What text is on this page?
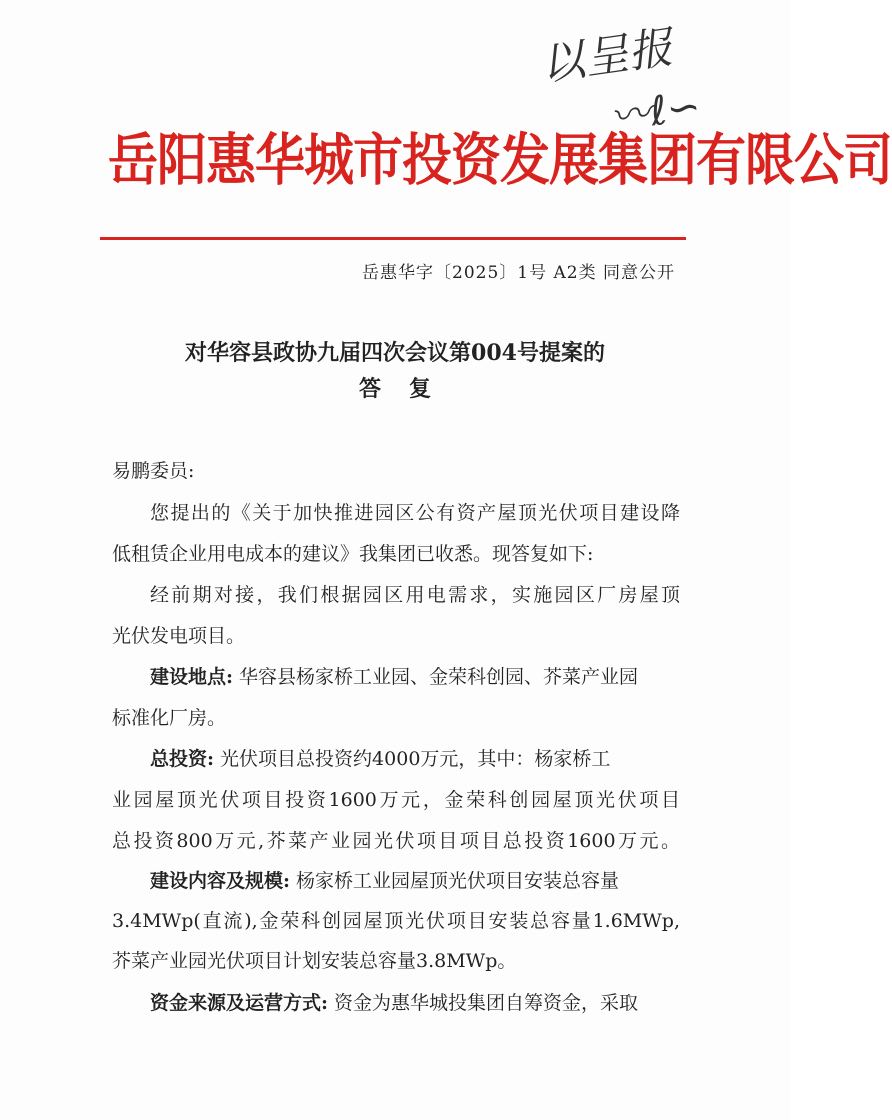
以呈报
〰ℓ∽
岳阳惠华城市投资发展集团有限公司
岳惠华字〔2025〕1号 A2类 同意公开
对华容县政协九届四次会议第004号提案的
答复
易鹏委员:
您提出的《关于加快推进园区公有资产屋顶光伏项目建设降
低租赁企业用电成本的建议》我集团已收悉。现答复如下:
经前期对接，我们根据园区用电需求，实施园区厂房屋顶
光伏发电项目。
建设地点: 华容县杨家桥工业园、金荣科创园、芥菜产业园
标准化厂房。
总投资: 光伏项目总投资约4000万元，其中：杨家桥工
业园屋顶光伏项目投资1600万元，金荣科创园屋顶光伏项目
总投资800万元,芥菜产业园光伏项目项目总投资1600万元。
建设内容及规模: 杨家桥工业园屋顶光伏项目安装总容量
3.4MWp(直流),金荣科创园屋顶光伏项目安装总容量1.6MWp,
芥菜产业园光伏项目计划安装总容量3.8MWp。
资金来源及运营方式: 资金为惠华城投集团自筹资金，采取
